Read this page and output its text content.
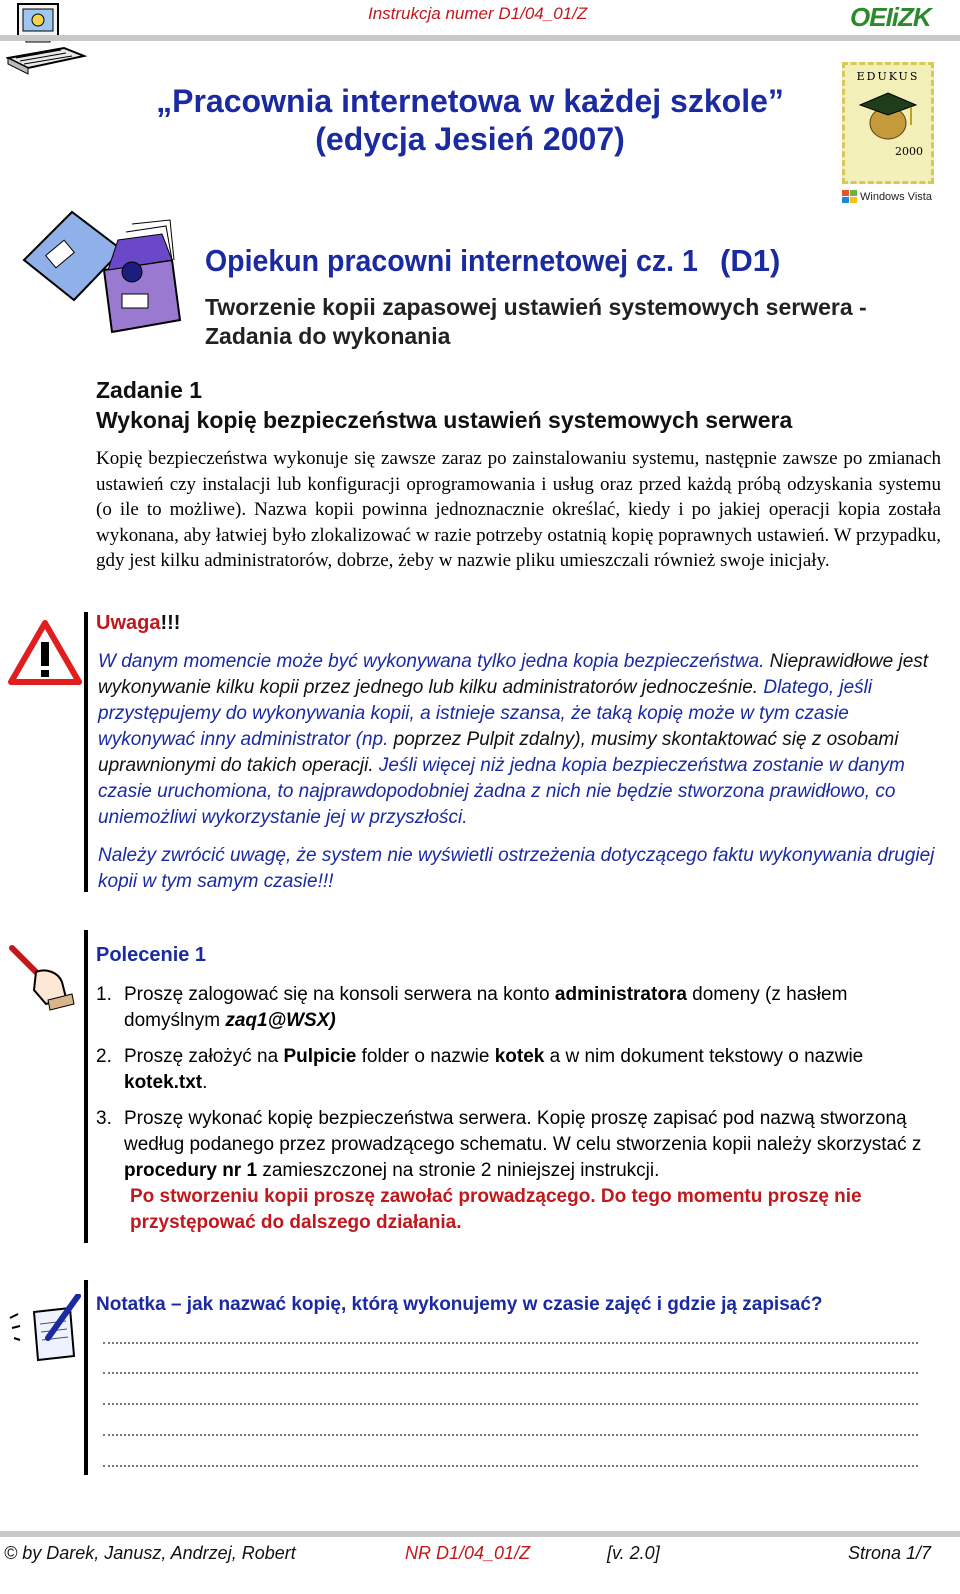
Instrukcja numer D1/04_01/Z	OEIiZK
„Pracownia internetowa w każdej szkole”
(edycja Jesień 2007)
EDUKUS
2000
Windows Vista
Opiekun pracowni internetowej cz. 1 (D1)
Tworzenie kopii zapasowej ustawień systemowych serwera -
Zadania do wykonania
Zadanie 1
Wykonaj kopię bezpieczeństwa ustawień systemowych serwera
Kopię bezpieczeństwa wykonuje się zawsze zaraz po zainstalowaniu systemu, następnie zawsze po zmianach ustawień czy instalacji lub konfiguracji oprogramowania i usług oraz przed każdą próbą odzyskania systemu (o ile to możliwe). Nazwa kopii powinna jednoznacznie określać, kiedy i po jakiej operacji kopia została wykonana, aby łatwiej było zlokalizować w razie potrzeby ostatnią kopię poprawnych ustawień. W przypadku, gdy jest kilku administratorów, dobrze, żeby w nazwie pliku umieszczali również swoje inicjały.
Uwaga!!!
W danym momencie może być wykonywana tylko jedna kopia bezpieczeństwa. Nieprawidłowe jest wykonywanie kilku kopii przez jednego lub kilku administratorów jednocześnie. Dlatego, jeśli przystępujemy do wykonywania kopii, a istnieje szansa, że taką kopię może w tym czasie wykonywać inny administrator (np. poprzez Pulpit zdalny), musimy skontaktować się z osobami uprawnionymi do takich operacji. Jeśli więcej niż jedna kopia bezpieczeństwa zostanie w danym czasie uruchomiona, to najprawdopodobniej żadna z nich nie będzie stworzona prawidłowo, co uniemożliwi wykorzystanie jej w przyszłości.
Należy zwrócić uwagę, że system nie wyświetli ostrzeżenia dotyczącego faktu wykonywania drugiej kopii w tym samym czasie!!!
Polecenie 1
1. Proszę zalogować się na konsoli serwera na konto administratora domeny (z hasłem domyślnym zaq1@WSX)
2. Proszę założyć na Pulpicie folder o nazwie kotek a w nim dokument tekstowy o nazwie kotek.txt.
3. Proszę wykonać kopię bezpieczeństwa serwera. Kopię proszę zapisać pod nazwą stworzoną według podanego przez prowadzącego schematu. W celu stworzenia kopii należy skorzystać z procedury nr 1 zamieszczonej na stronie 2 niniejszej instrukcji.
Po stworzeniu kopii proszę zawołać prowadzącego. Do tego momentu proszę nie przystępować do dalszego działania.
Notatka – jak nazwać kopię, którą wykonujemy w czasie zajęć i gdzie ją zapisać?
© by Darek, Janusz, Andrzej, Robert	NR D1/04_01/Z	[v. 2.0]	Strona 1/7
